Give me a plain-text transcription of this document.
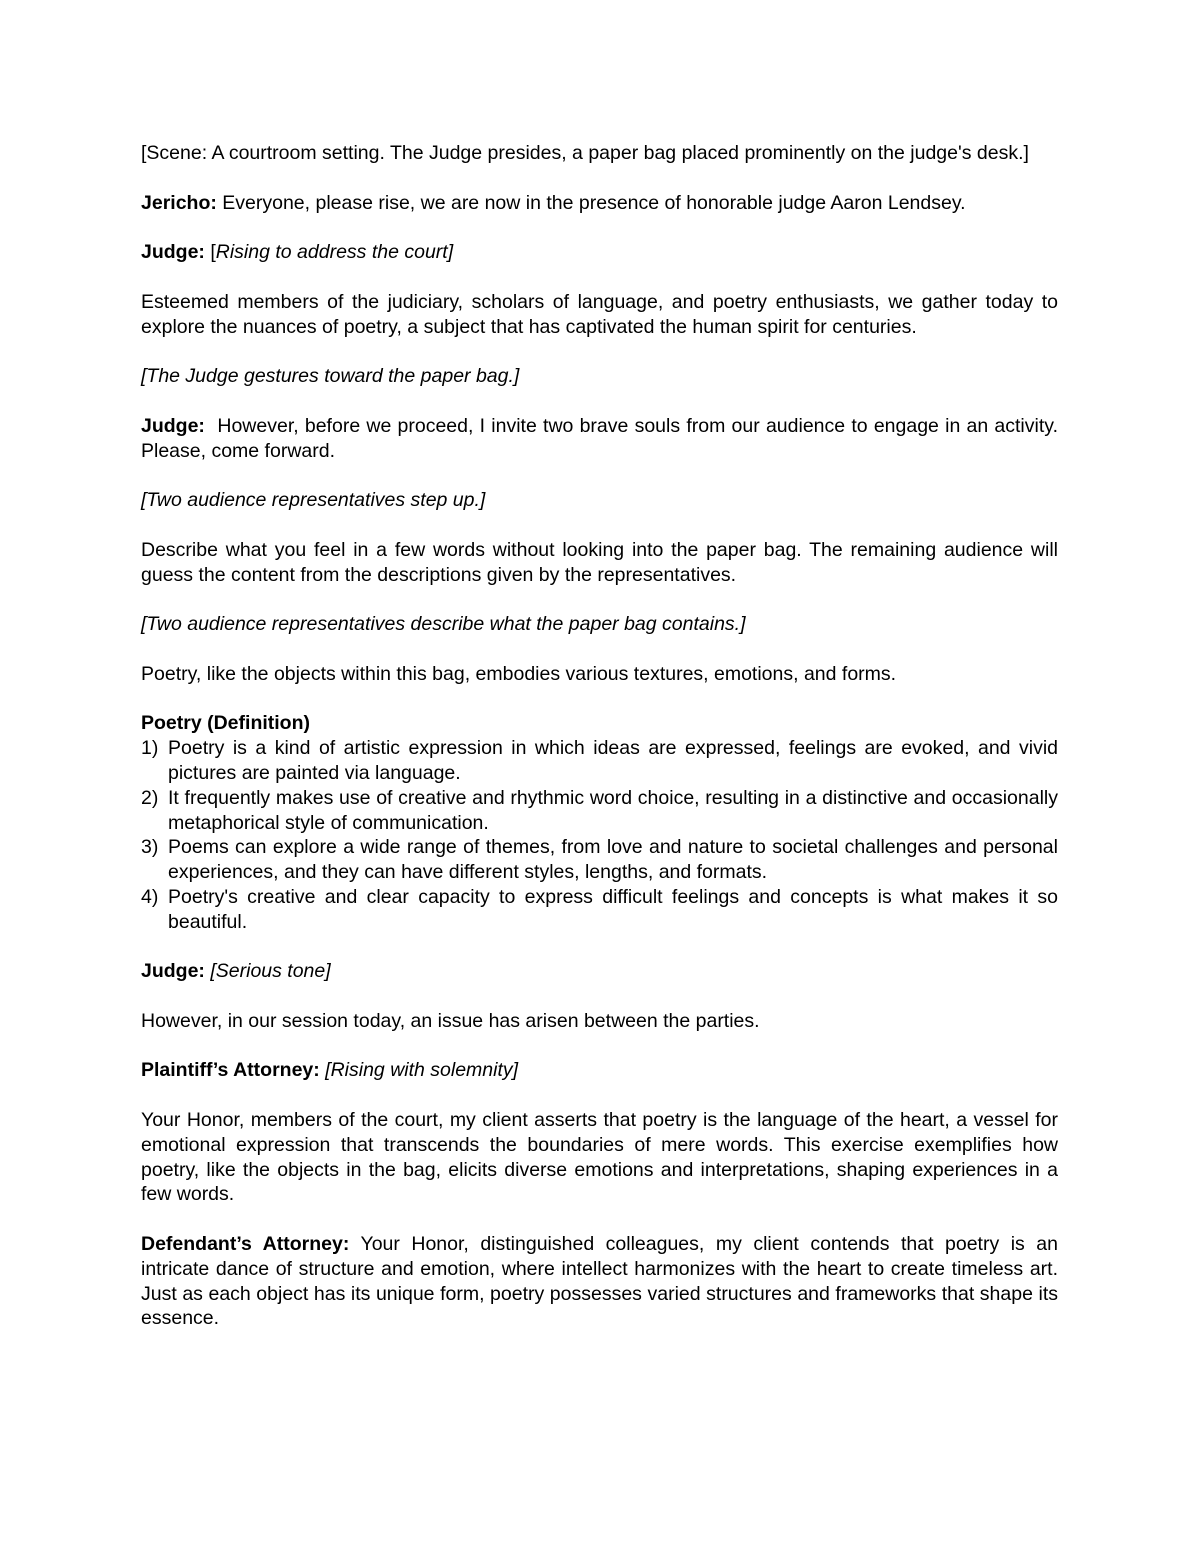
[Scene: A courtroom setting. The Judge presides, a paper bag placed prominently on the judge's desk.]

Jericho: Everyone, please rise, we are now in the presence of honorable judge Aaron Lendsey.

Judge: [Rising to address the court]

Esteemed members of the judiciary, scholars of language, and poetry enthusiasts, we gather today to explore the nuances of poetry, a subject that has captivated the human spirit for centuries.

[The Judge gestures toward the paper bag.]

Judge:  However, before we proceed, I invite two brave souls from our audience to engage in an activity. Please, come forward.

[Two audience representatives step up.]

Describe what you feel in a few words without looking into the paper bag. The remaining audience will guess the content from the descriptions given by the representatives.

[Two audience representatives describe what the paper bag contains.]

Poetry, like the objects within this bag, embodies various textures, emotions, and forms.

Poetry (Definition)

1) Poetry is a kind of artistic expression in which ideas are expressed, feelings are evoked, and vivid pictures are painted via language.
2) It frequently makes use of creative and rhythmic word choice, resulting in a distinctive and occasionally metaphorical style of communication.
3) Poems can explore a wide range of themes, from love and nature to societal challenges and personal experiences, and they can have different styles, lengths, and formats.
4) Poetry's creative and clear capacity to express difficult feelings and concepts is what makes it so beautiful.

Judge: [Serious tone]

However, in our session today, an issue has arisen between the parties.

Plaintiff’s Attorney: [Rising with solemnity]

Your Honor, members of the court, my client asserts that poetry is the language of the heart, a vessel for emotional expression that transcends the boundaries of mere words. This exercise exemplifies how poetry, like the objects in the bag, elicits diverse emotions and interpretations, shaping experiences in a few words.

Defendant’s Attorney: Your Honor, distinguished colleagues, my client contends that poetry is an intricate dance of structure and emotion, where intellect harmonizes with the heart to create timeless art. Just as each object has its unique form, poetry possesses varied structures and frameworks that shape its essence.
